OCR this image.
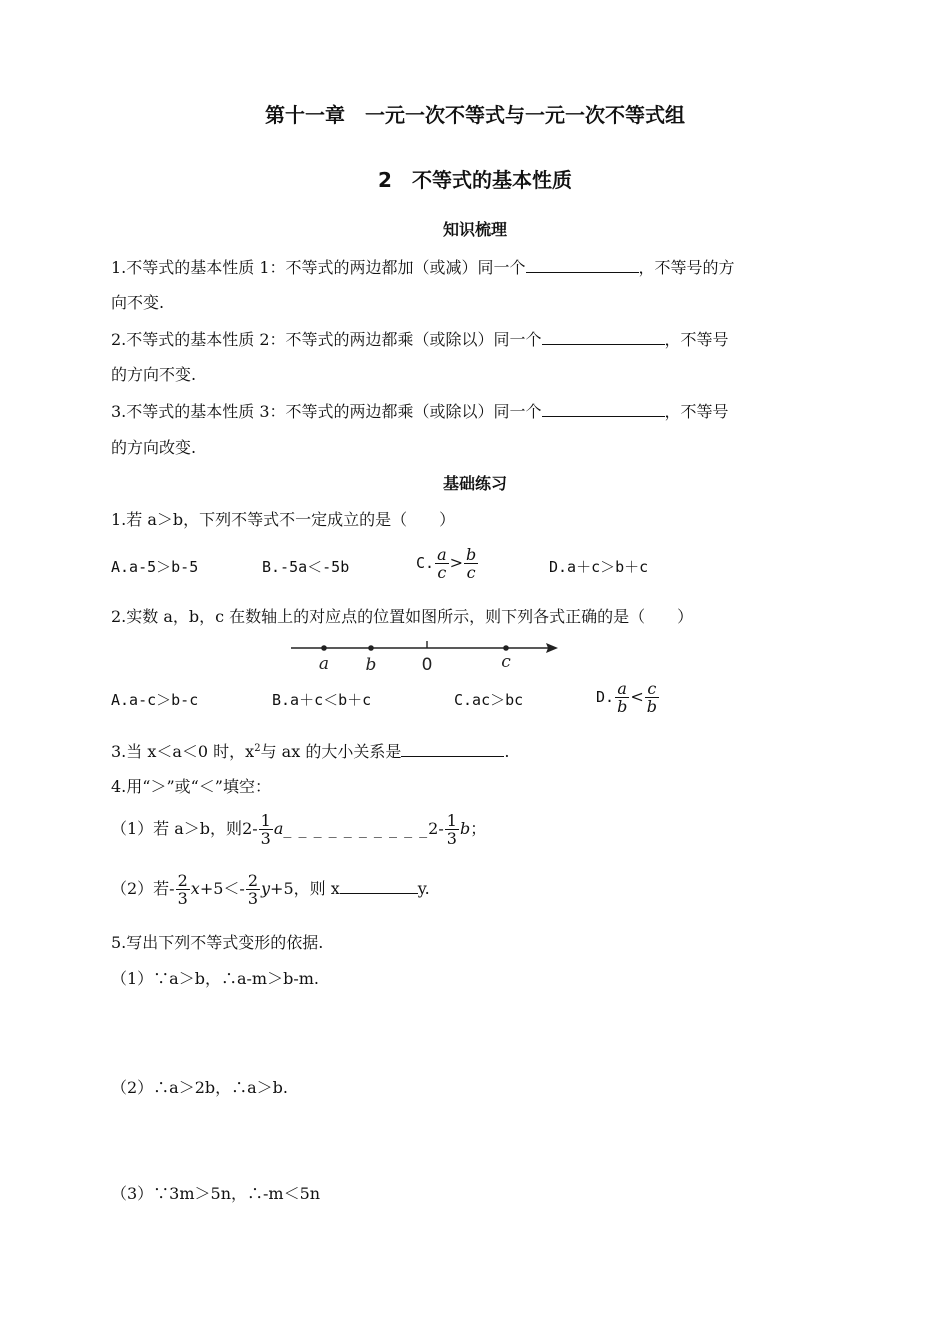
第十一章　一元一次不等式与一元一次不等式组
2　不等式的基本性质
知识梳理
1.不等式的基本性质 1：不等式的两边都加（或减）同一个	，不等号的方
向不变.
2.不等式的基本性质 2：不等式的两边都乘（或除以）同一个	，不等号
的方向不变.
3.不等式的基本性质 3：不等式的两边都乘（或除以）同一个	，不等号
的方向改变.
基础练习
1.若 a＞b，下列不等式不一定成立的是（　　）
A.a-5＞b-5	B.-5a＜-5b	C. $\frac{a}{c} > \frac{b}{c}$	D.a＋c＞b＋c
2.实数 a，b，c 在数轴上的对应点的位置如图所示，则下列各式正确的是（　　）
a b	0	c
A.a-c＞b-c	B.a＋c＜b＋c	C.ac＞bc	D. $\frac{a}{b} < \frac{c}{b}$
3.当 x＜a＜0 时，$x^2$与 ax 的大小关系是	.
4.用“＞”或“＜”填空：
（1）若 a＞b，则$2- \frac{1}{3}$ a_ _ _ _ _ _ _ _ _ _2- $\frac{1}{3}$ b；
（2）若- $\frac{2}{3} x+5<- \frac{2}{3} y+5$，则 x	y.
5.写出下列不等式变形的依据.
（1）∵a＞b，∴a-m＞b-m.
（2）∴a＞2b，∴a＞b.
（3）∵3m＞5n，∴-m＜5n
